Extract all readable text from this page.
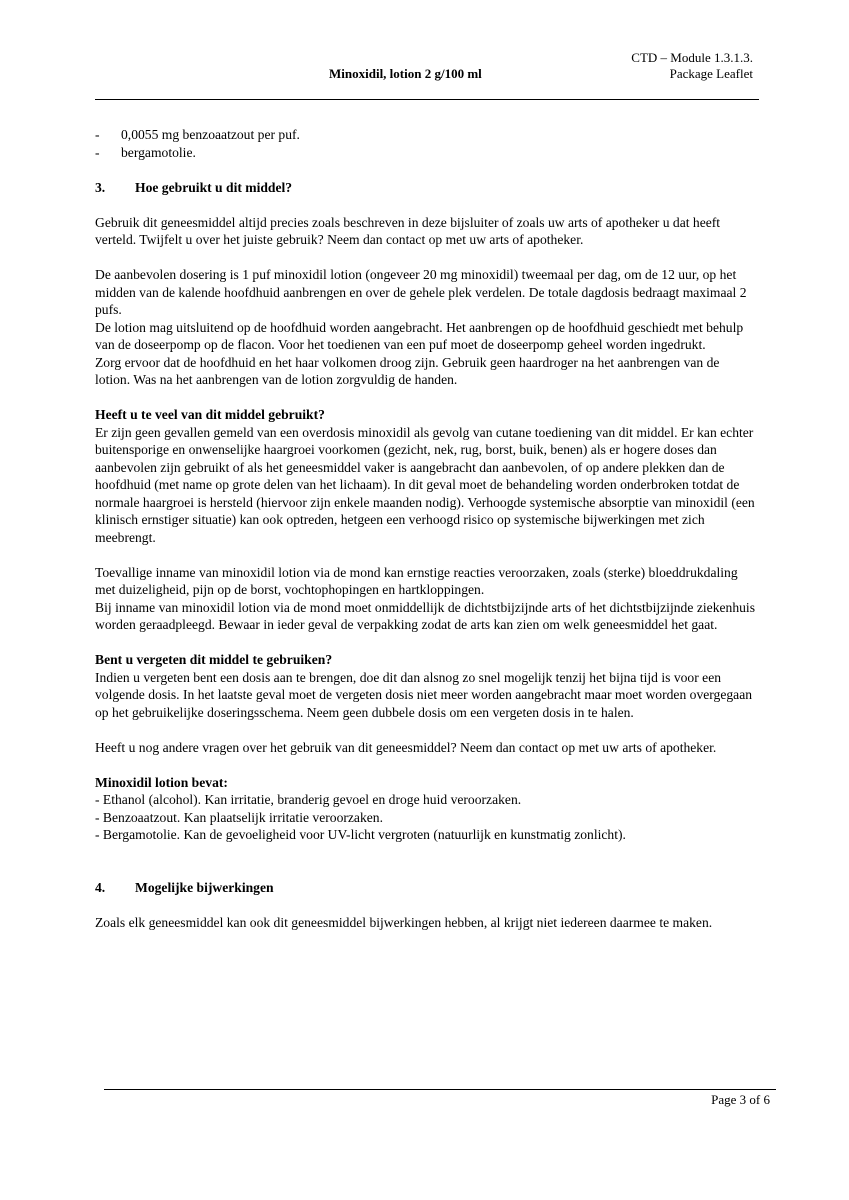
Minoxidil, lotion 2 g/100 ml
CTD – Module 1.3.1.3.
Package Leaflet
- 0,0055 mg benzoaatzout per puf.
- bergamotolie.
3.	Hoe gebruikt u dit middel?

Gebruik dit geneesmiddel altijd precies zoals beschreven in deze bijsluiter of zoals uw arts of apotheker u dat heeft verteld. Twijfelt u over het juiste gebruik? Neem dan contact op met uw arts of apotheker.

De aanbevolen dosering is 1 puf minoxidil lotion (ongeveer 20 mg minoxidil) tweemaal per dag, om de 12 uur, op het midden van de kalende hoofdhuid aanbrengen en over de gehele plek verdelen. De totale dagdosis bedraagt maximaal 2 pufs.

De lotion mag uitsluitend op de hoofdhuid worden aangebracht. Het aanbrengen op de hoofdhuid geschiedt met behulp van de doseerpomp op de flacon. Voor het toedienen van een puf moet de doseerpomp geheel worden ingedrukt.

Zorg ervoor dat de hoofdhuid en het haar volkomen droog zijn. Gebruik geen haardroger na het aanbrengen van de lotion. Was na het aanbrengen van de lotion zorgvuldig de handen.

Heeft u te veel van dit middel gebruikt?

Er zijn geen gevallen gemeld van een overdosis minoxidil als gevolg van cutane toediening van dit middel. Er kan echter buitensporige en onwenselijke haargroei voorkomen (gezicht, nek, rug, borst, buik, benen) als er hogere doses dan aanbevolen zijn gebruikt of als het geneesmiddel vaker is aangebracht dan aanbevolen, of op andere plekken dan de hoofdhuid (met name op grote delen van het lichaam). In dit geval moet de behandeling worden onderbroken totdat de normale haargroei is hersteld (hiervoor zijn enkele maanden nodig). Verhoogde systemische absorptie van minoxidil (een klinisch ernstiger situatie) kan ook optreden, hetgeen een verhoogd risico op systemische bijwerkingen met zich meebrengt.

Toevallige inname van minoxidil lotion via de mond kan ernstige reacties veroorzaken, zoals (sterke) bloeddrukdaling met duizeligheid, pijn op de borst, vochtophopingen en hartkloppingen.

Bij inname van minoxidil lotion via de mond moet onmiddellijk de dichtstbijzijnde arts of het dichtstbijzijnde ziekenhuis worden geraadpleegd. Bewaar in ieder geval de verpakking zodat de arts kan zien om welk geneesmiddel het gaat.

Bent u vergeten dit middel te gebruiken?

Indien u vergeten bent een dosis aan te brengen, doe dit dan alsnog zo snel mogelijk tenzij het bijna tijd is voor een volgende dosis. In het laatste geval moet de vergeten dosis niet meer worden aangebracht maar moet worden overgegaan op het gebruikelijke doseringsschema. Neem geen dubbele dosis om een vergeten dosis in te halen.

Heeft u nog andere vragen over het gebruik van dit geneesmiddel? Neem dan contact op met uw arts of apotheker.

Minoxidil lotion bevat:

- Ethanol (alcohol). Kan irritatie, branderig gevoel en droge huid veroorzaken.

- Benzoaatzout. Kan plaatselijk irritatie veroorzaken.

- Bergamotolie. Kan de gevoeligheid voor UV-licht vergroten (natuurlijk en kunstmatig zonlicht).

4.	Mogelijke bijwerkingen

Zoals elk geneesmiddel kan ook dit geneesmiddel bijwerkingen hebben, al krijgt niet iedereen daarmee te maken.

Page 3 of 6
